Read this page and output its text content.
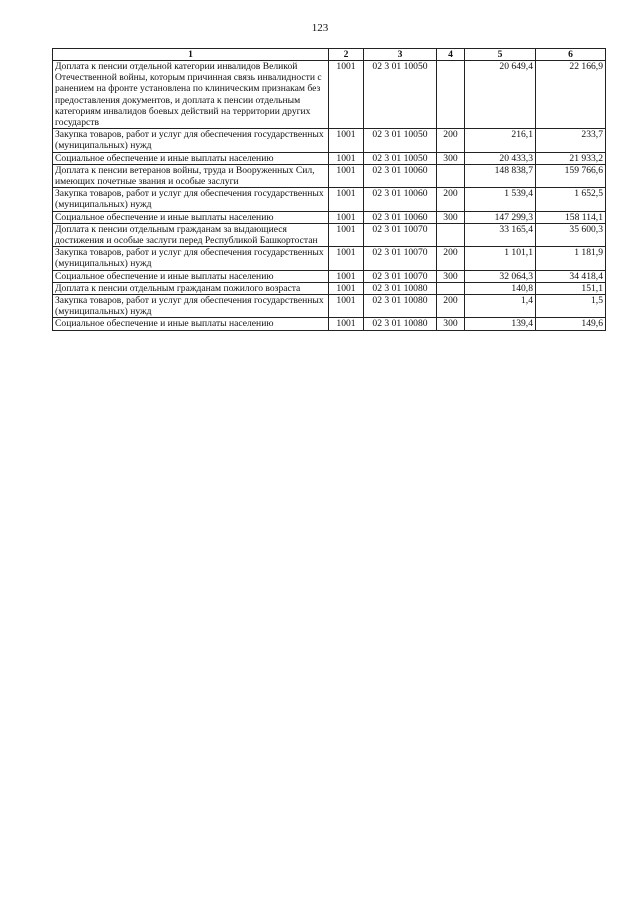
123
1	2	3	4	5	6
Доплата к пенсии отдельной категории инвалидов Великой Отечественной войны, которым причинная связь инвалидности с ранением на фронте установлена по клиническим признакам без предоставления документов, и доплата к пенсии отдельным категориям инвалидов боевых действий на территории других государств	1001	02 3 01 10050		20 649,4	22 166,9
Закупка товаров, работ и услуг для обеспечения государственных (муниципальных) нужд	1001	02 3 01 10050	200	216,1	233,7
Социальное обеспечение и иные выплаты населению	1001	02 3 01 10050	300	20 433,3	21 933,2
Доплата к пенсии ветеранов войны, труда и Вооруженных Сил, имеющих почетные звания и особые заслуги	1001	02 3 01 10060		148 838,7	159 766,6
Закупка товаров, работ и услуг для обеспечения государственных (муниципальных) нужд	1001	02 3 01 10060	200	1 539,4	1 652,5
Социальное обеспечение и иные выплаты населению	1001	02 3 01 10060	300	147 299,3	158 114,1
Доплата к пенсии отдельным гражданам за выдающиеся достижения и особые заслуги перед Республикой Башкортостан	1001	02 3 01 10070		33 165,4	35 600,3
Закупка товаров, работ и услуг для обеспечения государственных (муниципальных) нужд	1001	02 3 01 10070	200	1 101,1	1 181,9
Социальное обеспечение и иные выплаты населению	1001	02 3 01 10070	300	32 064,3	34 418,4
Доплата к пенсии отдельным гражданам пожилого возраста	1001	02 3 01 10080		140,8	151,1
Закупка товаров, работ и услуг для обеспечения государственных (муниципальных) нужд	1001	02 3 01 10080	200	1,4	1,5
Социальное обеспечение и иные выплаты населению	1001	02 3 01 10080	300	139,4	149,6
